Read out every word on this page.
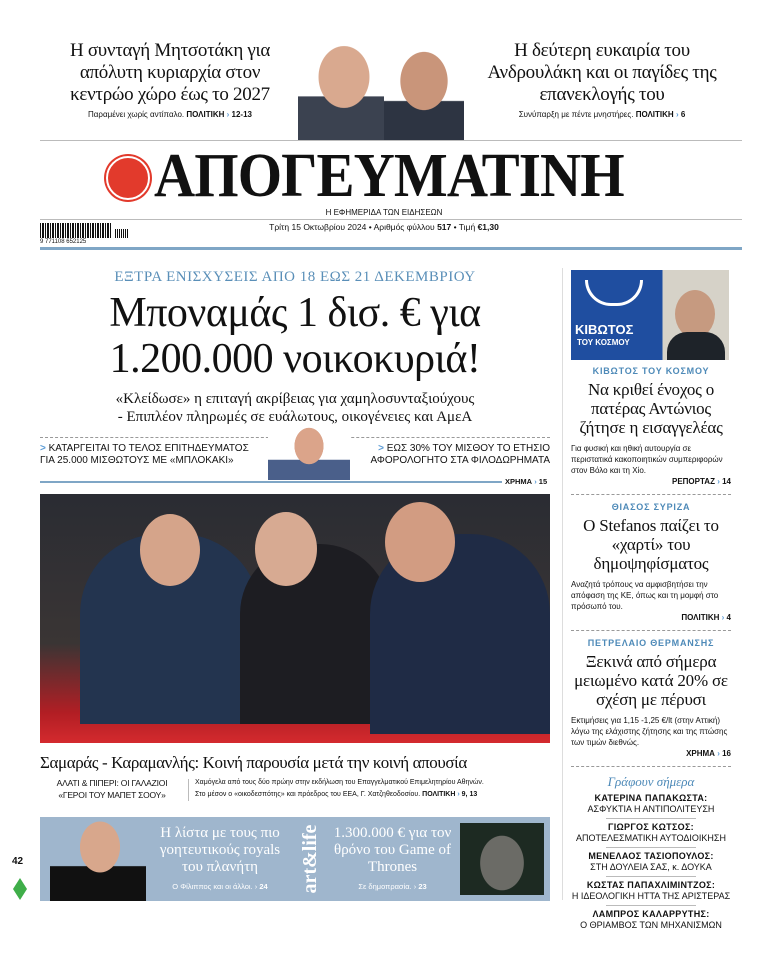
Η συνταγή Μητσοτάκη για απόλυτη κυριαρχία στον κεντρώο χώρο έως το 2027
Παραμένει χωρίς αντίπαλο. ΠΟΛΙΤΙΚΗ › 12-13
Η δεύτερη ευκαιρία του Ανδρουλάκη και οι παγίδες της επανεκλογής του
Συνύπαρξη με πέντε μνηστήρες. ΠΟΛΙΤΙΚΗ › 6
ΑΠΟΓΕΥΜΑΤΙΝΗ
Η ΕΦΗΜΕΡΙΔΑ ΤΩΝ ΕΙΔΗΣΕΩΝ
9 771108 652125
Τρίτη 15 Οκτωβρίου 2024 • Αριθμός φύλλου 517 • Τιμή €1,30
ΕΞΤΡΑ ΕΝΙΣΧΥΣΕΙΣ ΑΠΟ 18 ΕΩΣ 21 ΔΕΚΕΜΒΡΙΟΥ
Μποναμάς 1 δισ. € για
1.200.000 νοικοκυριά!
«Κλείδωσε» η επιταγή ακρίβειας για χαμηλοσυνταξιούχους
- Επιπλέον πληρωμές σε ευάλωτους, οικογένειες και ΑμεΑ
> ΚΑΤΑΡΓΕΙΤΑΙ ΤΟ ΤΕΛΟΣ ΕΠΙΤΗΔΕΥΜΑΤΟΣ
ΓΙΑ 25.000 ΜΙΣΘΩΤΟΥΣ ΜΕ «ΜΠΛΟΚΑΚΙ»
> ΕΩΣ 30% ΤΟΥ ΜΙΣΘΟΥ ΤΟ ΕΤΗΣΙΟ
ΑΦΟΡΟΛΟΓΗΤΟ ΣΤΑ ΦΙΛΟΔΩΡΗΜΑΤΑ
ΧΡΗΜΑ › 15
Σαμαράς - Καραμανλής: Κοινή παρουσία μετά την κοινή απουσία
ΑΛΑΤΙ & ΠΙΠΕΡΙ: ΟΙ ΓΑΛΑΖΙΟΙ
«ΓΕΡΟΙ ΤΟΥ ΜΑΠΕΤ ΣΟΟΥ»
Χαμόγελα από τους δύο πρώην στην εκδήλωση του Επαγγελματικού Επιμελητηρίου Αθηνών.
Στο μέσον ο «οικοδεσπότης» και πρόεδρος του ΕΕΑ, Γ. Χατζηθεοδοσίου. ΠΟΛΙΤΙΚΗ › 9, 13
Η λίστα με τους πιο γοητευτικούς royals του πλανήτη
Ο Φίλιππος και οι άλλοι. › 24	art&life 1.300.000 € για τον θρόνο του Game of Thrones
Σε δημοπρασία. › 23
42
ΚΙΒΩΤΟΣ
ΤΟΥ ΚΟΣΜΟΥ
ΚΙΒΩΤΟΣ ΤΟΥ ΚΟΣΜΟΥ
Να κριθεί ένοχος ο πατέρας Αντώνιος ζήτησε η εισαγγελέας
Για φυσική και ηθική αυτουργία σε περιστατικά κακοποιητικών συμπεριφορών στον Βόλο και τη Χίο.
ΡΕΠΟΡΤΑΖ › 14
ΘΙΑΣΟΣ ΣΥΡΙΖΑ
Ο Stefanos παίζει το «χαρτί» του δημοψηφίσματος
Αναζητά τρόπους να αμφισβητήσει την απόφαση της ΚΕ, όπως και τη μομφή στο πρόσωπό του.
ΠΟΛΙΤΙΚΗ › 4
ΠΕΤΡΕΛΑΙΟ ΘΕΡΜΑΝΣΗΣ
Ξεκινά από σήμερα μειωμένο κατά 20% σε σχέση με πέρυσι
Εκτιμήσεις για 1,15 -1,25 €/lt (στην Αττική) λόγω της ελάχιστης ζήτησης και της πτώσης των τιμών διεθνώς.
ΧΡΗΜΑ › 16
Γράφουν σήμερα
ΚΑΤΕΡΙΝΑ ΠΑΠΑΚΩΣΤΑ:
ΑΣΦΥΚΤΙΑ Η ΑΝΤΙΠΟΛΙΤΕΥΣΗ
ΓΙΩΡΓΟΣ ΚΩΤΣΟΣ:
ΑΠΟΤΕΛΕΣΜΑΤΙΚΗ ΑΥΤΟΔΙΟΙΚΗΣΗ
ΜΕΝΕΛΑΟΣ ΤΑΣΙΟΠΟΥΛΟΣ:
ΣΤΗ ΔΟΥΛΕΙΑ ΣΑΣ, κ. ΔΟΥΚΑ
ΚΩΣΤΑΣ ΠΑΠΑΧΛΙΜΙΝΤΖΟΣ:
Η ΙΔΕΟΛΟΓΙΚΗ ΗΤΤΑ ΤΗΣ ΑΡΙΣΤΕΡΑΣ
ΛΑΜΠΡΟΣ ΚΑΛΑΡΡΥΤΗΣ:
Ο ΘΡΙΑΜΒΟΣ ΤΩΝ ΜΗΧΑΝΙΣΜΩΝ
